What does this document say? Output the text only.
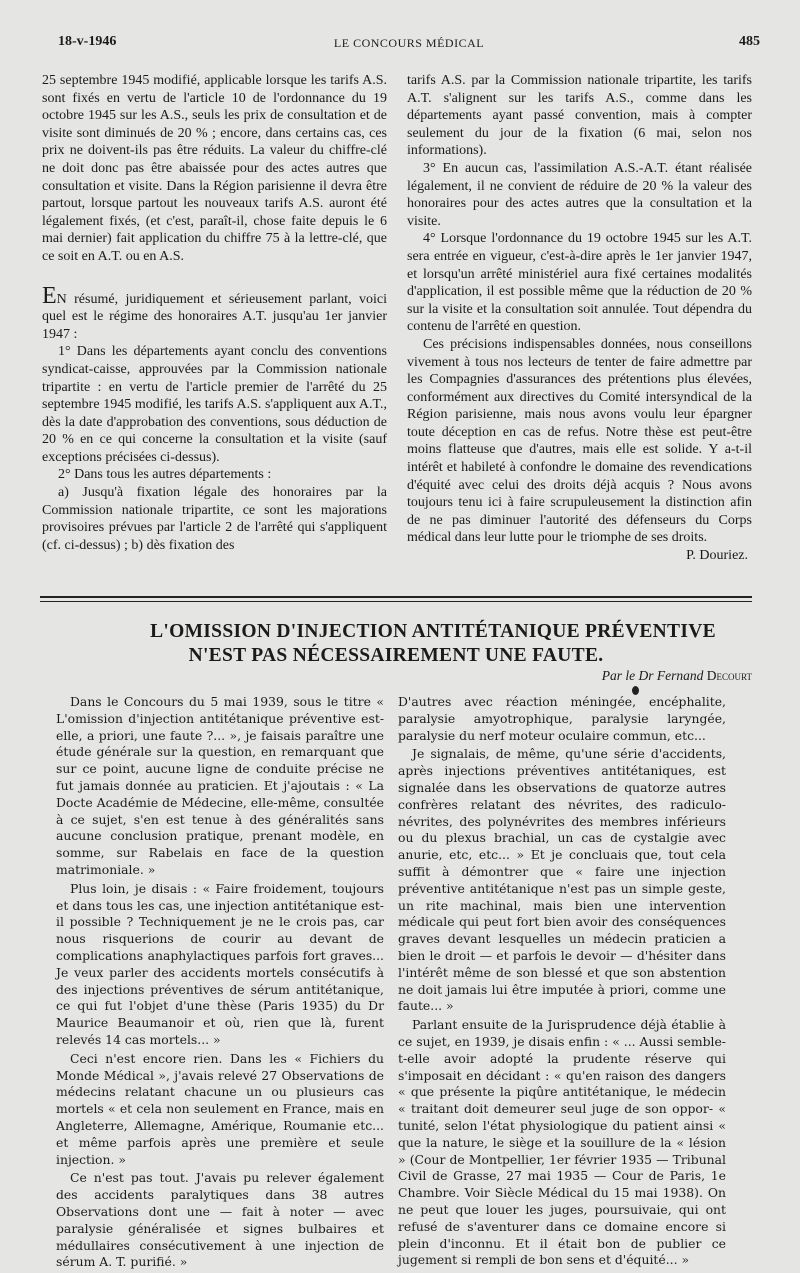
18-v-1946	LE CONCOURS MÉDICAL	485

25 septembre 1945 modifié, applicable lorsque les tarifs A.S. sont fixés en vertu de l'article 10 de l'ordonnance du 19 octobre 1945 sur les A.S., seuls les prix de consultation et de visite sont diminués de 20 % ; encore, dans certains cas, ces prix ne doivent-ils pas être réduits. La valeur du chiffre-clé ne doit donc pas être abaissée pour des actes autres que consultation et visite. Dans la Région parisienne il devra être partout, lorsque partout les nouveaux tarifs A.S. auront été légalement fixés, (et c'est, paraît-il, chose faite depuis le 6 mai dernier) fait application du chiffre 75 à la lettre-clé, que ce soit en A.T. ou en A.S.

EN résumé, juridiquement et sérieusement parlant, voici quel est le régime des honoraires A.T. jusqu'au 1er janvier 1947 :

1° Dans les départements ayant conclu des conventions syndicat-caisse, approuvées par la Commission nationale tripartite : en vertu de l'article premier de l'arrêté du 25 septembre 1945 modifié, les tarifs A.S. s'appliquent aux A.T., dès la date d'approbation des conventions, sous déduction de 20 % en ce qui concerne la consultation et la visite (sauf exceptions précisées ci-dessus).

2° Dans tous les autres départements :

a) Jusqu'à fixation légale des honoraires par la Commission nationale tripartite, ce sont les majorations provisoires prévues par l'article 2 de l'arrêté qui s'appliquent (cf. ci-dessus) ; b) dès fixation des

tarifs A.S. par la Commission nationale tripartite, les tarifs A.T. s'alignent sur les tarifs A.S., comme dans les départements ayant passé convention, mais à compter seulement du jour de la fixation (6 mai, selon nos informations).

3° En aucun cas, l'assimilation A.S.-A.T. étant réalisée légalement, il ne convient de réduire de 20 % la valeur des honoraires pour des actes autres que la consultation et la visite.

4° Lorsque l'ordonnance du 19 octobre 1945 sur les A.T. sera entrée en vigueur, c'est-à-dire après le 1er janvier 1947, et lorsqu'un arrêté ministériel aura fixé certaines modalités d'application, il est possible même que la réduction de 20 % sur la visite et la consultation soit annulée. Tout dépendra du contenu de l'arrêté en question.

Ces précisions indispensables données, nous conseillons vivement à tous nos lecteurs de tenter de faire admettre par les Compagnies d'assurances des prétentions plus élevées, conformément aux directives du Comité intersyndical de la Région parisienne, mais nous avons voulu leur épargner toute déception en cas de refus. Notre thèse est peut-être moins flatteuse que d'autres, mais elle est solide. Y a-t-il intérêt et habileté à confondre le domaine des revendications d'équité avec celui des droits déjà acquis ? Nous avons toujours tenu ici à faire scrupuleusement la distinction afin de ne pas diminuer l'autorité des défenseurs du Corps médical dans leur lutte pour le triomphe de ses droits.

P. Douriez.

L'OMISSION D'INJECTION ANTITÉTANIQUE PRÉVENTIVE
N'EST PAS NÉCESSAIREMENT UNE FAUTE.
Par le Dr Fernand Decourt

Dans le Concours du 5 mai 1939, sous le titre « L'omission d'injection antitétanique préventive est-elle, a priori, une faute ?... », je faisais paraître une étude générale sur la question, en remarquant que sur ce point, aucune ligne de conduite précise ne fut jamais donnée au praticien. Et j'ajoutais : « La Docte Académie de Médecine, elle-même, consultée à ce sujet, s'en est tenue à des généralités sans aucune conclusion pratique, prenant modèle, en somme, sur Rabelais en face de la question matrimoniale. »

Plus loin, je disais : « Faire froidement, toujours et dans tous les cas, une injection antitétanique est-il possible ? Techniquement je ne le crois pas, car nous risquerions de courir au devant de complications anaphylactiques parfois fort graves... Je veux parler des accidents mortels consécutifs à des injections préventives de sérum antitétanique, ce qui fut l'objet d'une thèse (Paris 1935) du Dr Maurice Beaumanoir et où, rien que là, furent relevés 14 cas mortels... »

Ceci n'est encore rien. Dans les « Fichiers du Monde Médical », j'avais relevé 27 Observations de médecins relatant chacune un ou plusieurs cas mortels « et cela non seulement en France, mais en Angleterre, Allemagne, Amérique, Roumanie etc... et même parfois après une première et seule injection. »

Ce n'est pas tout. J'avais pu relever également des accidents paralytiques dans 38 autres Observations dont une — fait à noter — avec paralysie généralisée et signes bulbaires et médullaires consécutivement à une injection de sérum A. T. purifié. »

D'autres avec réaction méningée, encéphalite, paralysie amyotrophique, paralysie laryngée, paralysie du nerf moteur oculaire commun, etc...

Je signalais, de même, qu'une série d'accidents, après injections préventives antitétaniques, est signalée dans les observations de quatorze autres confrères relatant des névrites, des radiculo-névrites, des polynévrites des membres inférieurs ou du plexus brachial, un cas de cystalgie avec anurie, etc, etc... » Et je concluais que, tout cela suffit à démontrer que « faire une injection préventive antitétanique n'est pas un simple geste, un rite machinal, mais bien une intervention médicale qui peut fort bien avoir des conséquences graves devant lesquelles un médecin praticien a bien le droit — et parfois le devoir — d'hésiter dans l'intérêt même de son blessé et que son abstention ne doit jamais lui être imputée à priori, comme une faute... »

Parlant ensuite de la Jurisprudence déjà établie à ce sujet, en 1939, je disais enfin : « ... Aussi semble-t-elle avoir adopté la prudente réserve qui s'imposait en décidant : « qu'en raison des dangers « que présente la piqûre antitétanique, le médecin « traitant doit demeurer seul juge de son oppor- « tunité, selon l'état physiologique du patient ainsi « que la nature, le siège et la souillure de la « lésion » (Cour de Montpellier, 1er février 1935 — Tribunal Civil de Grasse, 27 mai 1935 — Cour de Paris, 1e Chambre. Voir Siècle Médical du 15 mai 1938). On ne peut que louer les juges, poursuivaie, qui ont refusé de s'aventurer dans ce domaine encore si plein d'inconnu. Et il était bon de publier ce jugement si rempli de bon sens et d'équité... »
